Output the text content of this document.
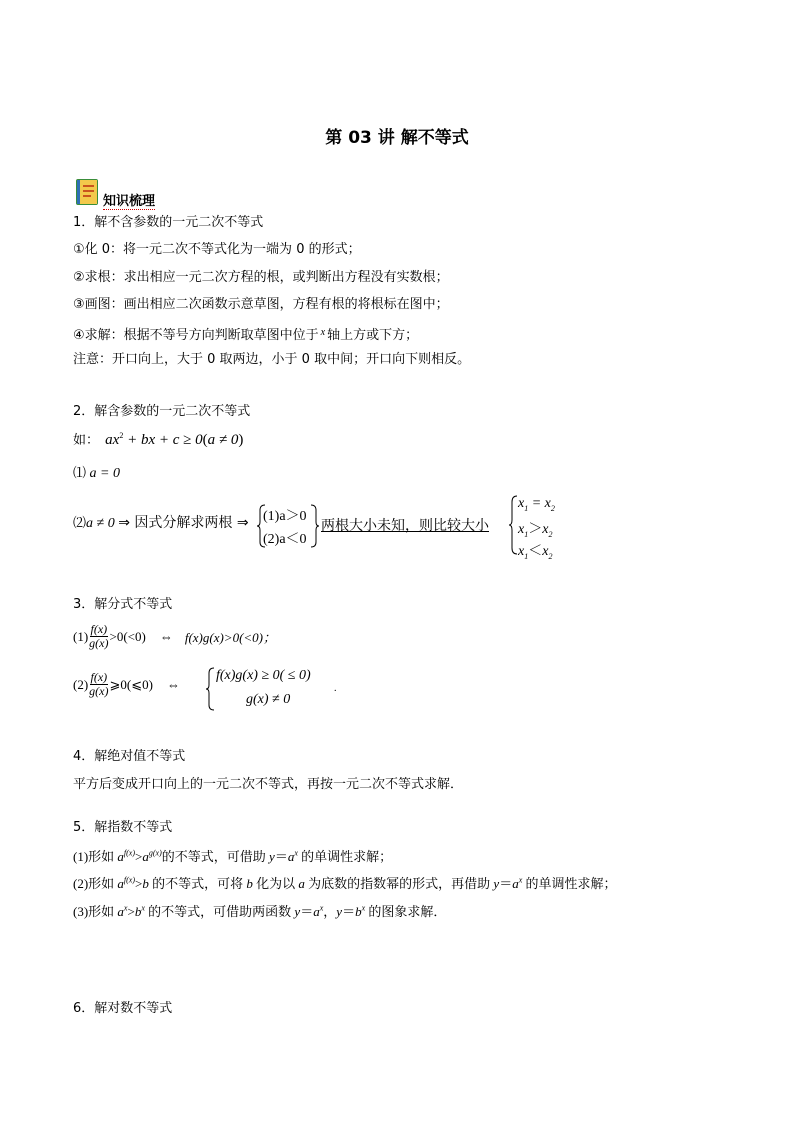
第 03 讲 解不等式
知识梳理
1．解不含参数的一元二次不等式
①化 0：将一元二次不等式化为一端为 0 的形式；
②求根：求出相应一元二次方程的根，或判断出方程没有实数根；
③画图：画出相应二次函数示意草图，方程有根的将根标在图中；
④求解：根据不等号方向判断取草图中位于 $^x$ 轴上方或下方；
注意：开口向上，大于 0 取两边，小于 0 取中间；开口向下则相反。
2．解含参数的一元二次不等式
如： $ax^2$ + bx + c ≥ 0(a ≠ 0)
⑴ a = 0
⑵a ≠ 0 ⇒ 因式分解求两根 ⇒ (1)a＞0
(2)a＜0
两根大小未知，则比较大小
$x_1 = x_2$
$x_1>x_2$
$x_1<x_2$
3．解分式不等式
$(1) \frac{f(x)}{g(x)} >0(<0)$ ⇔ f(x)g(x)>0(<0)；
$(2) \frac{f(x)}{g(x)}$ ⩾0(⩽0) ⇔
f(x)g(x) ≥ 0( ≤ 0)
g(x) ≠ 0
.
4．解绝对值不等式
平方后变成开口向上的一元二次不等式，再按一元二次不等式求解．
5．解指数不等式
(1)形如 $a^{f(x)}>a^{g(x)}$的不等式，可借助 $y=a^x$ 的单调性求解；
(2)形如 $a^{f(x)}>b$ 的不等式，可将 b 化为以 a 为底数的指数幂的形式，再借助 $y=a^x$ 的单调性求解；
(3)形如 $a^x>b^x$ 的不等式，可借助两函数 $y=a^x$，$y=b^x$ 的图象求解．
6．解对数不等式
